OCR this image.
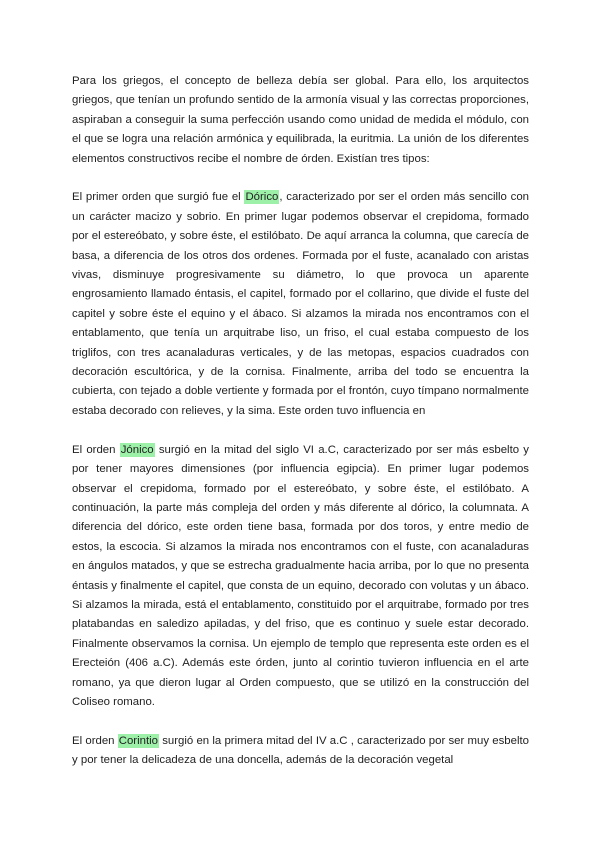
Para los griegos, el concepto de belleza debía ser global. Para ello, los arquitectos griegos, que tenían un profundo sentido de la armonía visual y las correctas proporciones, aspiraban a conseguir la suma perfección usando como unidad de medida el módulo, con el que se logra una relación armónica y equilibrada, la euritmia. La unión de los diferentes elementos constructivos recibe el nombre de órden. Existían tres tipos:

El primer orden que surgió fue el Dórico, caracterizado por ser el orden más sencillo con un carácter macizo y sobrio. En primer lugar podemos observar el crepidoma, formado por el estereóbato, y sobre éste, el estilóbato. De aquí arranca la columna, que carecía de basa, a diferencia de los otros dos ordenes. Formada por el fuste, acanalado con aristas vivas, disminuye progresivamente su diámetro, lo que provoca un aparente engrosamiento llamado éntasis, el capitel, formado por el collarino, que divide el fuste del capitel y sobre éste el equino y el ábaco. Si alzamos la mirada nos encontramos con el entablamento, que tenía un arquitrabe liso, un friso, el cual estaba compuesto de los triglifos, con tres acanaladuras verticales, y de las metopas, espacios cuadrados con decoración escultórica, y de la cornisa. Finalmente, arriba del todo se encuentra la cubierta, con tejado a doble vertiente y formada por el frontón, cuyo tímpano normalmente estaba decorado con relieves, y la sima. Este orden tuvo influencia en

El orden Jónico surgió en la mitad del siglo VI a.C, caracterizado por ser más esbelto y por tener mayores dimensiones (por influencia egipcia). En primer lugar podemos observar el crepidoma, formado por el estereóbato, y sobre éste, el estilóbato. A continuación, la parte más compleja del orden y más diferente al dórico, la columnata. A diferencia del dórico, este orden tiene basa, formada por dos toros, y entre medio de estos, la escocia. Si alzamos la mirada nos encontramos con el fuste, con acanaladuras en ángulos matados, y que se estrecha gradualmente hacia arriba, por lo que no presenta éntasis y finalmente el capitel, que consta de un equino, decorado con volutas y un ábaco. Si alzamos la mirada, está el entablamento, constituido por el arquitrabe, formado por tres platabandas en saledizo apiladas, y del friso, que es continuo y suele estar decorado. Finalmente observamos la cornisa. Un ejemplo de templo que representa este orden es el Erecteión (406 a.C). Además este órden, junto al corintio tuvieron influencia en el arte romano, ya que dieron lugar al Orden compuesto, que se utilizó en la construcción del Coliseo romano.

El orden Corintio surgió en la primera mitad del IV a.C , caracterizado por ser muy esbelto y por tener la delicadeza de una doncella, además de la decoración vegetal
